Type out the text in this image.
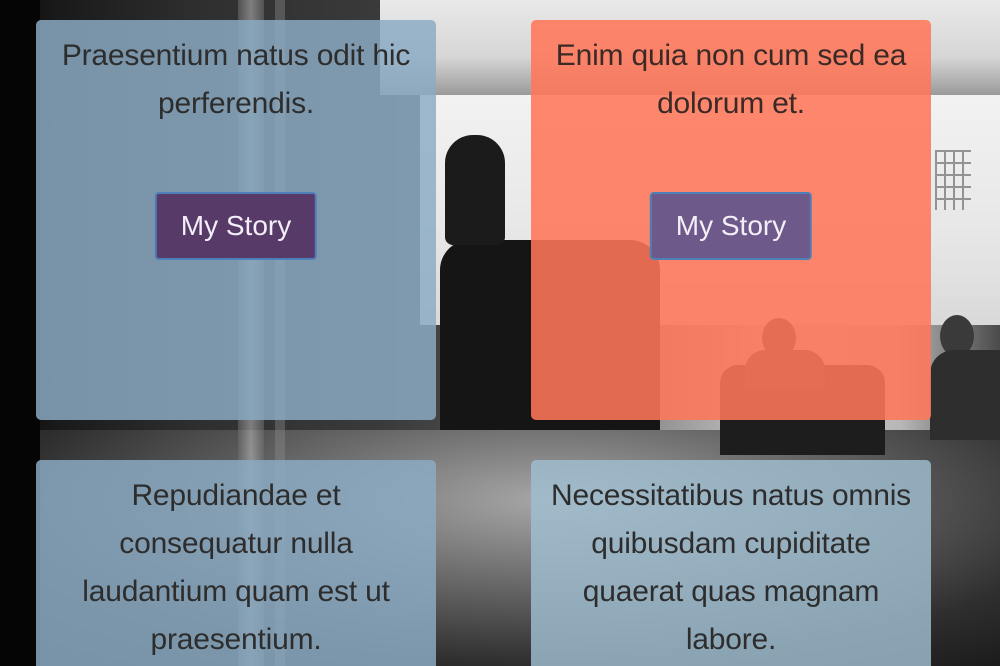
Praesentium natus odit hic perferendis.

My Story

Enim quia non cum sed ea dolorum et.

My Story

Repudiandae et consequatur nulla laudantium quam est ut praesentium.

Necessitatibus natus omnis quibusdam cupiditate quaerat quas magnam labore.
